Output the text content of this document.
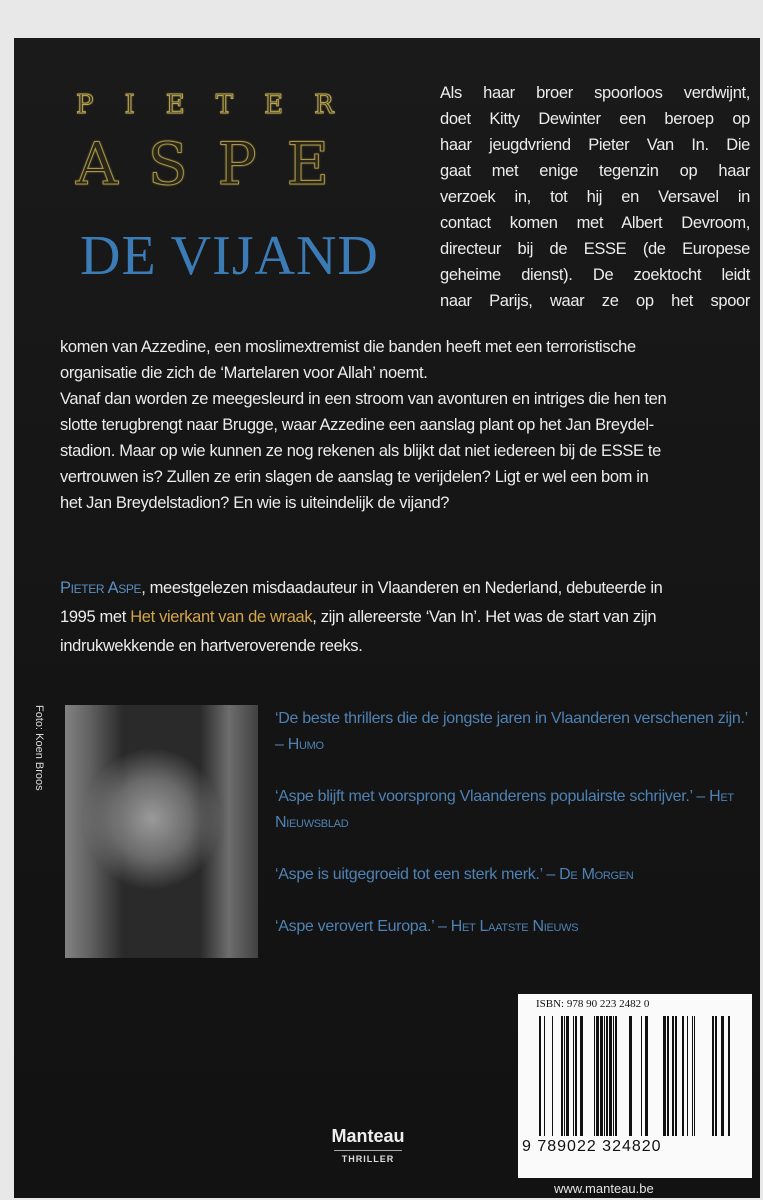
PIETER
ASPE
DE VIJAND
Als haar broer spoorloos verdwijnt,
doet Kitty Dewinter een beroep op
haar jeugdvriend Pieter Van In. Die
gaat met enige tegenzin op haar
verzoek in, tot hij en Versavel in
contact komen met Albert Devroom,
directeur bij de ESSE (de Europese
geheime dienst). De zoektocht leidt
naar Parijs, waar ze op het spoor
komen van Azzedine, een moslimextremist die banden heeft met een terroristische
organisatie die zich de ‘Martelaren voor Allah’ noemt.
Vanaf dan worden ze meegesleurd in een stroom van avonturen en intriges die hen ten
slotte terugbrengt naar Brugge, waar Azzedine een aanslag plant op het Jan Breydel-
stadion. Maar op wie kunnen ze nog rekenen als blijkt dat niet iedereen bij de ESSE te
vertrouwen is? Zullen ze erin slagen de aanslag te verijdelen? Ligt er wel een bom in
het Jan Breydelstadion? En wie is uiteindelijk de vijand?
Pieter Aspe, meestgelezen misdaadauteur in Vlaanderen en Nederland, debuteerde in
1995 met Het vierkant van de wraak, zijn allereerste ‘Van In’. Het was de start van zijn
indrukwekkende en hartveroverende reeks.
Foto: Koen Broos	‘De beste thrillers die de jongste jaren in Vlaanderen verschenen zijn.’ – Humo
‘Aspe blijft met voorsprong Vlaanderens populairste schrijver.’ – Het Nieuwsblad
‘Aspe is uitgegroeid tot een sterk merk.’ – De Morgen
‘Aspe verovert Europa.’ – Het Laatste Nieuws
ISBN: 978 90 223 2482 0
9 789022 324820
Manteau
THRILLER
www.manteau.be
